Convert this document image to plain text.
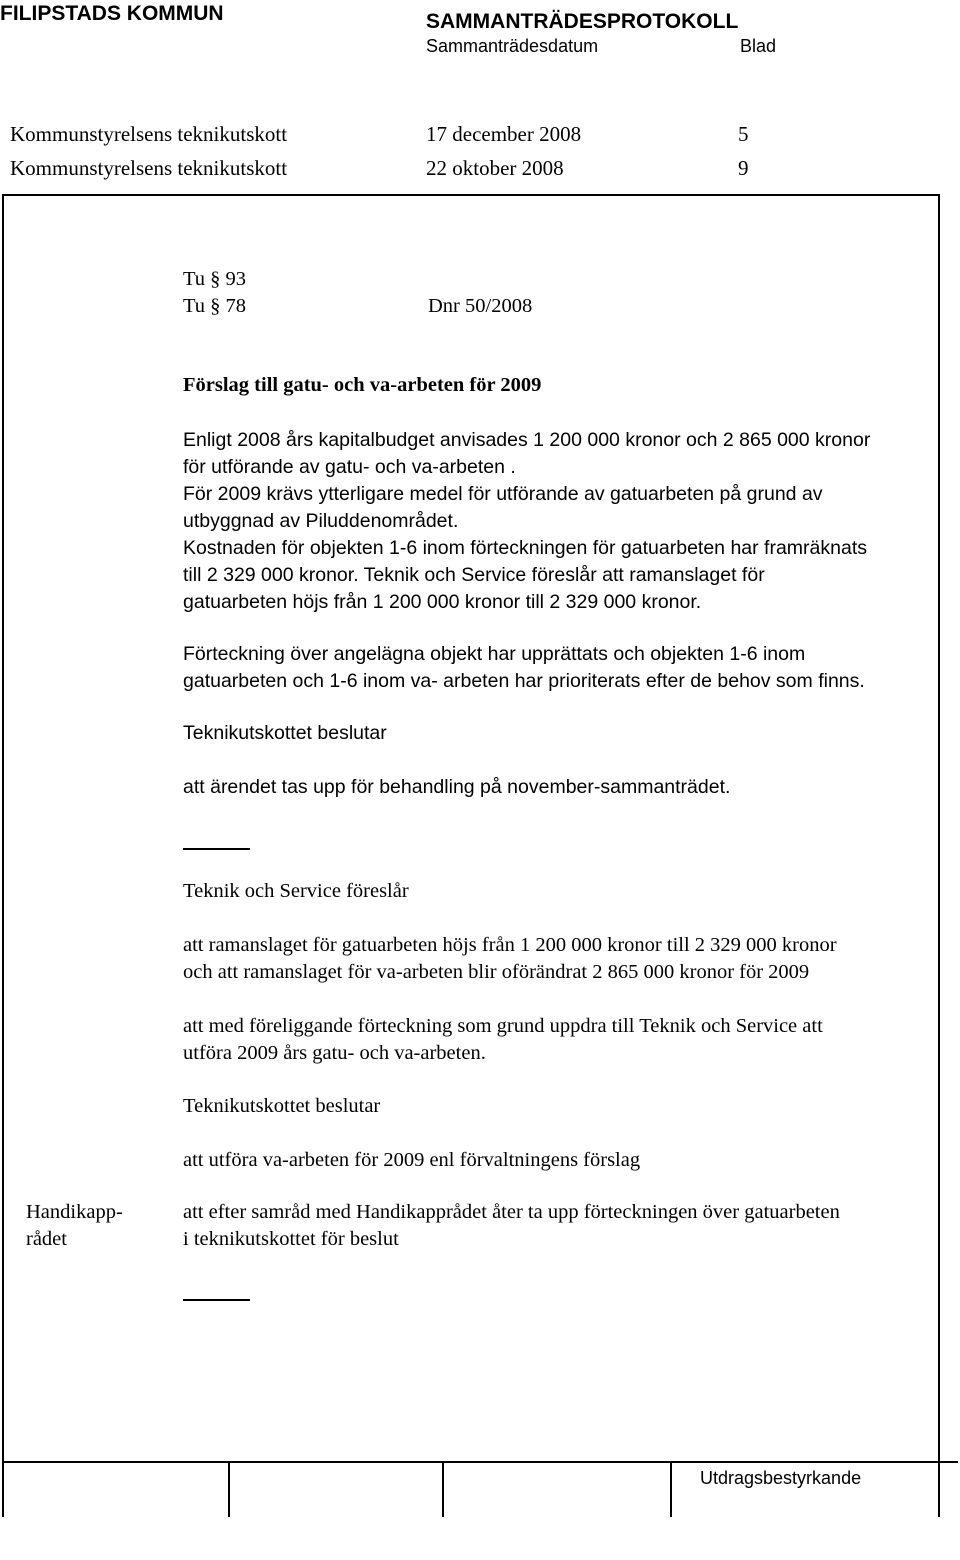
FILIPSTADS KOMMUN	SAMMANTRÄDESPROTOKOLL
Sammanträdesdatum	Blad
Kommunstyrelsens teknikutskott	17 december 2008	5
Kommunstyrelsens teknikutskott	22 oktober 2008	9
Tu § 93
Tu § 78	Dnr 50/2008
Förslag till gatu- och va-arbeten för 2009
Enligt 2008 års kapitalbudget anvisades 1 200 000 kronor och 2 865 000 kronor
för utförande av gatu- och va-arbeten .
För 2009 krävs ytterligare medel för utförande av gatuarbeten på grund av
utbyggnad av Piluddenområdet.
Kostnaden för objekten 1-6 inom förteckningen för gatuarbeten har framräknats
till 2 329 000 kronor. Teknik och Service föreslår att ramanslaget för
gatuarbeten höjs från 1 200 000 kronor till 2 329 000 kronor.
Förteckning över angelägna objekt har upprättats och objekten 1-6 inom
gatuarbeten och 1-6 inom va- arbeten har prioriterats efter de behov som finns.
Teknikutskottet beslutar
att ärendet tas upp för behandling på november-sammanträdet.
Teknik och Service föreslår
att ramanslaget för gatuarbeten höjs från 1 200 000 kronor till 2 329 000 kronor
och att ramanslaget för va-arbeten blir oförändrat 2 865 000 kronor för 2009
att med föreliggande förteckning som grund uppdra till Teknik och Service att
utföra 2009 års gatu- och va-arbeten.
Teknikutskottet beslutar
att utföra va-arbeten för 2009 enl förvaltningens förslag
Handikapp-
rådet
att efter samråd med Handikapprådet åter ta upp förteckningen över gatuarbeten
i teknikutskottet för beslut
Utdragsbestyrkande
